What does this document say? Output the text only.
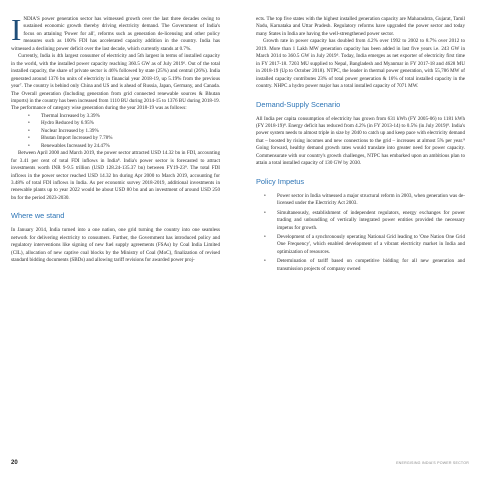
INDIA'S power generation sector has witnessed growth over the last three decades owing to sustained economic growth thereby driving electricity demand. The Government of India's focus on attaining 'Power for all', reforms such as generation de-licensing and other policy measures such as 100% FDI has accelerated capacity addition in the country. India has witnessed a declining power deficit over the last decade, which currently stands at 0.7%.

Currently, India is 4th largest consumer of electricity and 5th largest in terms of installed capacity in the world, with the installed power capacity reaching 360.5 GW as of July 2019⁶. Out of the total installed capacity, the share of private sector is 46% followed by state (25%) and central (26%). India generated around 1376 bn units of electricity in financial year 2018-19, up 5.19% from the previous year⁷. The country is behind only China and US and is ahead of Russia, Japan, Germany, and Canada. The Overall generation (Including generation from grid connected renewable sources & Bhutan imports) in the country has been increased from 1110 BU during 2014-15 to 1376 BU during 2018-19. The performance of category wise generation during the year 2018-19 was as follows:

• Thermal Increased by 3.39%
• Hydro Reduced by 6.95%
• Nuclear Increased by 1.39%
• Bhutan Import Increased by 7.78%
• Renewables Increased by 24.47%

Between April 2000 and March 2019, the power sector attracted USD 14.32 bn in FDI, accounting for 3.41 per cent of total FDI inflows in India⁸. India's power sector is forecasted to attract investments worth INR 9-9.5 trillion (USD 128.24-135.37 bn) between FY19-23⁹. The total FDI inflows in the power sector reached USD 14.32 bn during Apr 2000 to March 2019, accounting for 3.48% of total FDI inflows in India. As per economic survey 2018-2019, additional investments in renewable plants up to year 2022 would be about USD 80 bn and an investment of around USD 250 bn for the period 2023-2030.

Where we stand

In January 2014, India turned into a one nation, one grid turning the country into one seamless network for delivering electricity to consumers. Further, the Government has introduced policy and regulatory interventions like signing of new fuel supply agreements (FSAs) by Coal India Limited (CIL), allocation of new captive coal blocks by the Ministry of Coal (MoC), finalization of revised standard bidding documents (SBDs) and allowing tariff revisions for awarded power proj-

ects. The top five states with the highest installed generation capacity are Maharashtra, Gujarat, Tamil Nadu, Karnataka and Uttar Pradesh. Regulatory reforms have upgraded the power sector and today many States in India are having the well-strengthened power sector.

Growth rate in power capacity has doubled from 4.2% over 1992 to 2002 to 8.7% over 2012 to 2019. More than 1 Lakh MW generation capacity has been added in last five years i.e. 243 GW in March 2014 to 360.5 GW in July 2019⁶. Today, India emerges as net exporter of electricity first time in FY 2017-18. 7203 MU supplied to Nepal, Bangladesh and Myanmar in FY 2017-18 and 4628 MU in 2018-19 (Up to October 2018). NTPC, the leader in thermal power generation, with 55,786 MW of installed capacity contributes 23% of total power generation & 16% of total installed capacity in the country. NHPC a hydro power major has a total installed capacity of 7071 MW.

Demand-Supply Scenario

All India per capita consumption of electricity has grown from 631 kWh (FY 2005-06) to 1181 kWh (FY 2018-19)⁸. Energy deficit has reduced from 4.2% (in FY 2013-14) to 0.5% (in July 2019)⁸. India's power system needs to almost triple in size by 2040 to catch up and keep pace with electricity demand that – boosted by rising incomes and new connections to the grid – increases at almost 5% per year.⁹ Going forward, healthy demand growth rates would translate into greater need for power capacity. Commensurate with our country's growth challenges, NTPC has embarked upon an ambitious plan to attain a total installed capacity of 130 GW by 2030.

Policy Impetus
• Power sector in India witnessed a major structural reform in 2003, when generation was de-licensed under the Electricity Act 2003.
• Simultaneously, establishment of independent regulators, energy exchanges for power trading and unbundling of vertically integrated power entities provided the necessary impetus for growth.
• Development of a synchronously operating National Grid leading to 'One Nation One Grid One Frequency', which enabled development of a vibrant electricity market in India and optimization of resources.
• Determination of tariff based on competitive bidding for all new generation and transmission projects of company owned
20	ENERGISING INDIA'S POWER SECTOR
